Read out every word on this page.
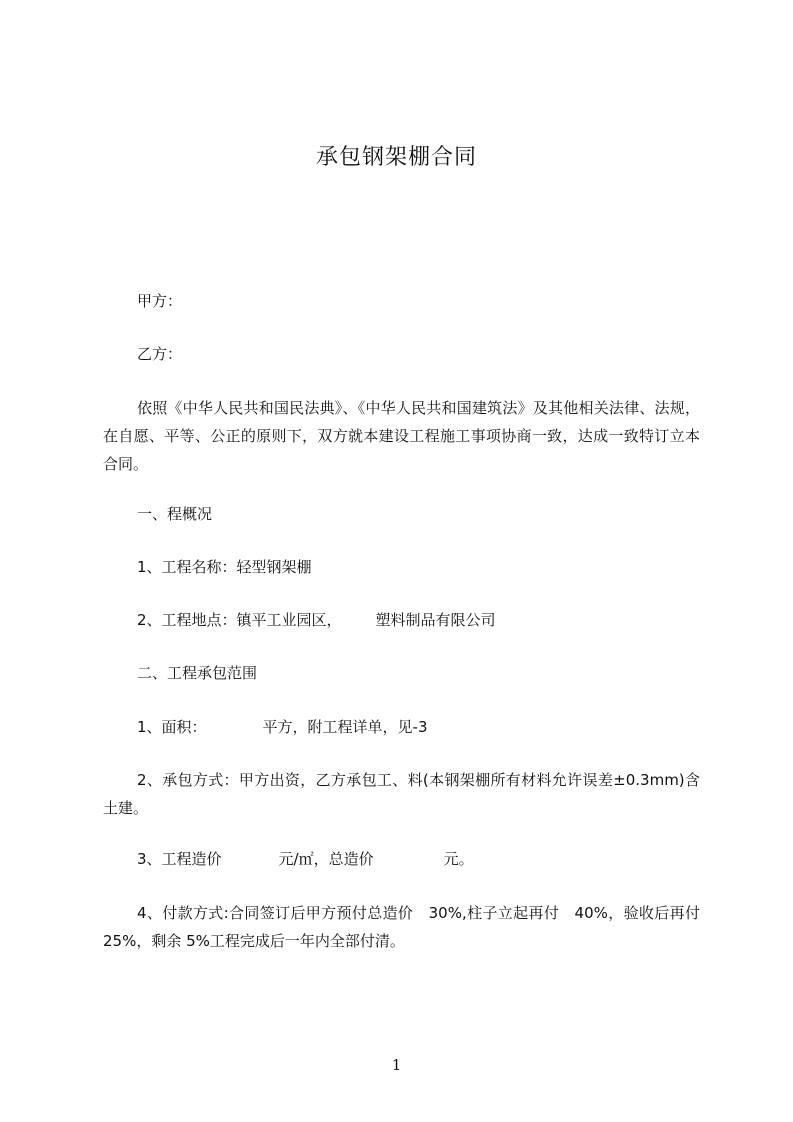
承包钢架棚合同

甲方：

乙方：

依照《中华人民共和国民法典》、《中华人民共和国建筑法》及其他相关法律、法规，在自愿、平等、公正的原则下，双方就本建设工程施工事项协商一致，达成一致特订立本合同。

一、程概况

1、工程名称：轻型钢架棚

2、工程地点：镇平工业园区， 塑料制品有限公司

二、工程承包范围

1、面积：	平方，附工程详单，见-3

2、承包方式：甲方出资，乙方承包工、料(本钢架棚所有材料允许误差±0.3mm)含土建。

3、工程造价	元/㎡，总造价	元。

4、付款方式:合同签订后甲方预付总造价　30%,柱子立起再付　40%，验收后再付25%，剩余 5%工程完成后一年内全部付清。

1
